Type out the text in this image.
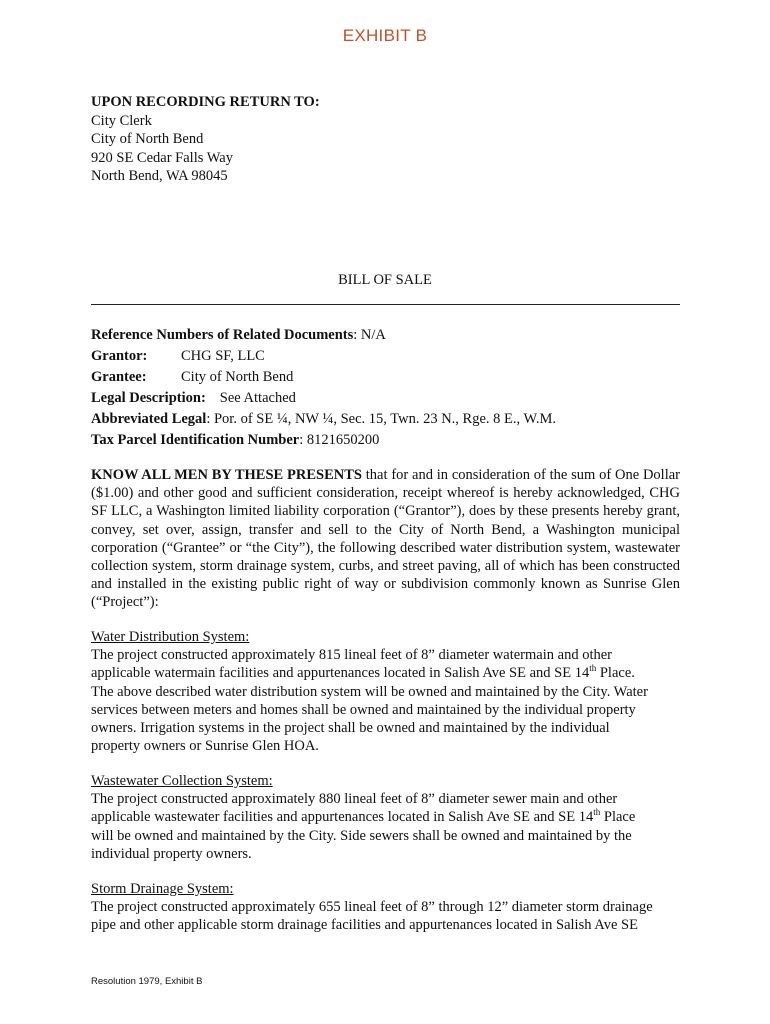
EXHIBIT B
UPON RECORDING RETURN TO:
City Clerk
City of North Bend
920 SE Cedar Falls Way
North Bend, WA 98045
BILL OF SALE
Reference Numbers of Related Documents: N/A
Grantor: CHG SF, LLC
Grantee: City of North Bend
Legal Description: See Attached
Abbreviated Legal: Por. of SE ¼, NW ¼, Sec. 15, Twn. 23 N., Rge. 8 E., W.M.
Tax Parcel Identification Number: 8121650200
KNOW ALL MEN BY THESE PRESENTS that for and in consideration of the sum of One Dollar ($1.00) and other good and sufficient consideration, receipt whereof is hereby acknowledged, CHG SF LLC, a Washington limited liability corporation (“Grantor”), does by these presents hereby grant, convey, set over, assign, transfer and sell to the City of North Bend, a Washington municipal corporation (“Grantee” or “the City”), the following described water distribution system, wastewater collection system, storm drainage system, curbs, and street paving, all of which has been constructed and installed in the existing public right of way or subdivision commonly known as Sunrise Glen (“Project”):
Water Distribution System:
The project constructed approximately 815 lineal feet of 8” diameter watermain and other
applicable watermain facilities and appurtenances located in Salish Ave SE and SE 14th Place.
The above described water distribution system will be owned and maintained by the City. Water
services between meters and homes shall be owned and maintained by the individual property
owners. Irrigation systems in the project shall be owned and maintained by the individual
property owners or Sunrise Glen HOA.
Wastewater Collection System:
The project constructed approximately 880 lineal feet of 8” diameter sewer main and other
applicable wastewater facilities and appurtenances located in Salish Ave SE and SE 14th Place
will be owned and maintained by the City. Side sewers shall be owned and maintained by the
individual property owners.
Storm Drainage System:
The project constructed approximately 655 lineal feet of 8” through 12” diameter storm drainage
pipe and other applicable storm drainage facilities and appurtenances located in Salish Ave SE
Resolution 1979, Exhibit B
